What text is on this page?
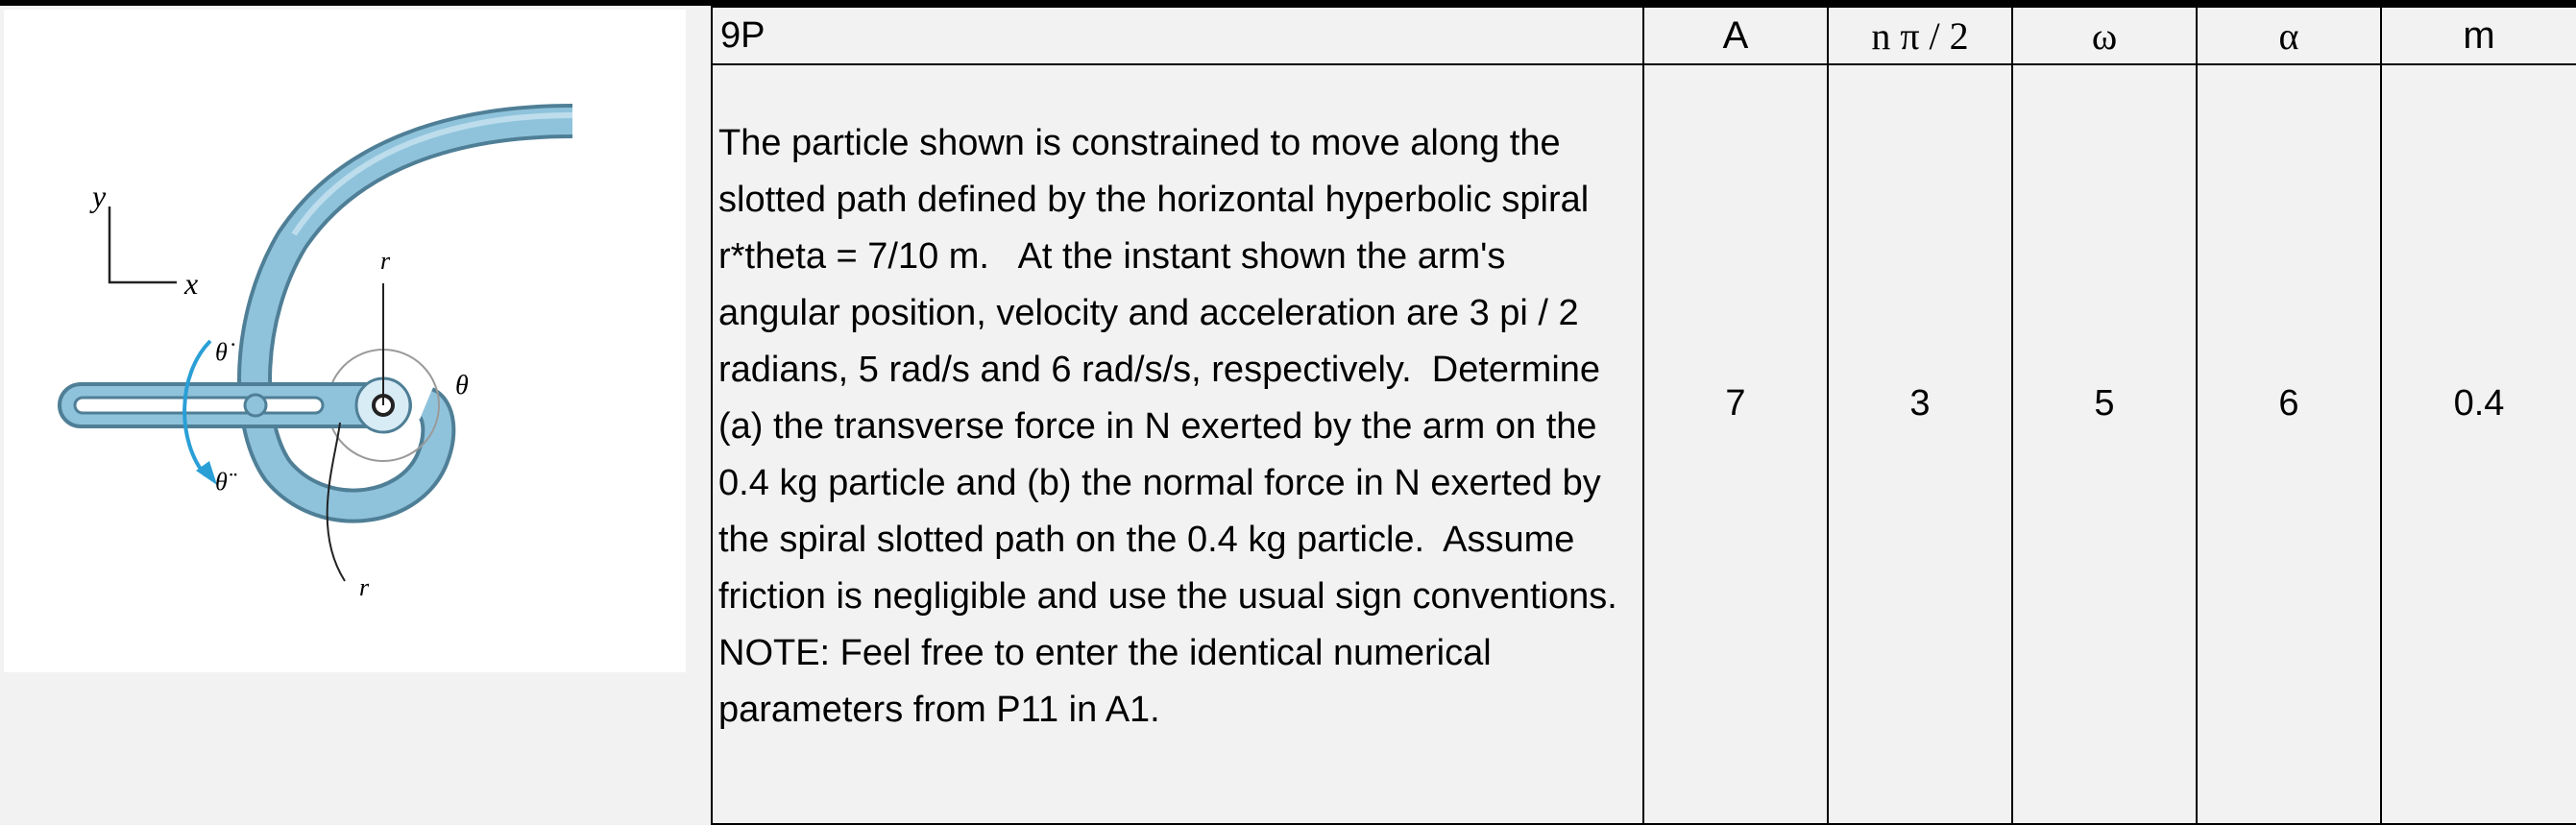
r
r
θ
θ̇
θ̈
y
x
9P	A	n π / 2	ω	α	m

The particle shown is constrained to move along the slotted path defined by the horizontal hyperbolic spiral r*theta = 7/10 m.   At the instant shown the arm's angular position, velocity and acceleration are 3 pi / 2 radians, 5 rad/s and 6 rad/s/s, respectively.  Determine (a) the transverse force in N exerted by the arm on the 0.4 kg particle and (b) the normal force in N exerted by the spiral slotted path on the 0.4 kg particle.  Assume friction is negligible and use the usual sign conventions. NOTE: Feel free to enter the identical numerical parameters from P11 in A1.	7	3	5	6	0.4
